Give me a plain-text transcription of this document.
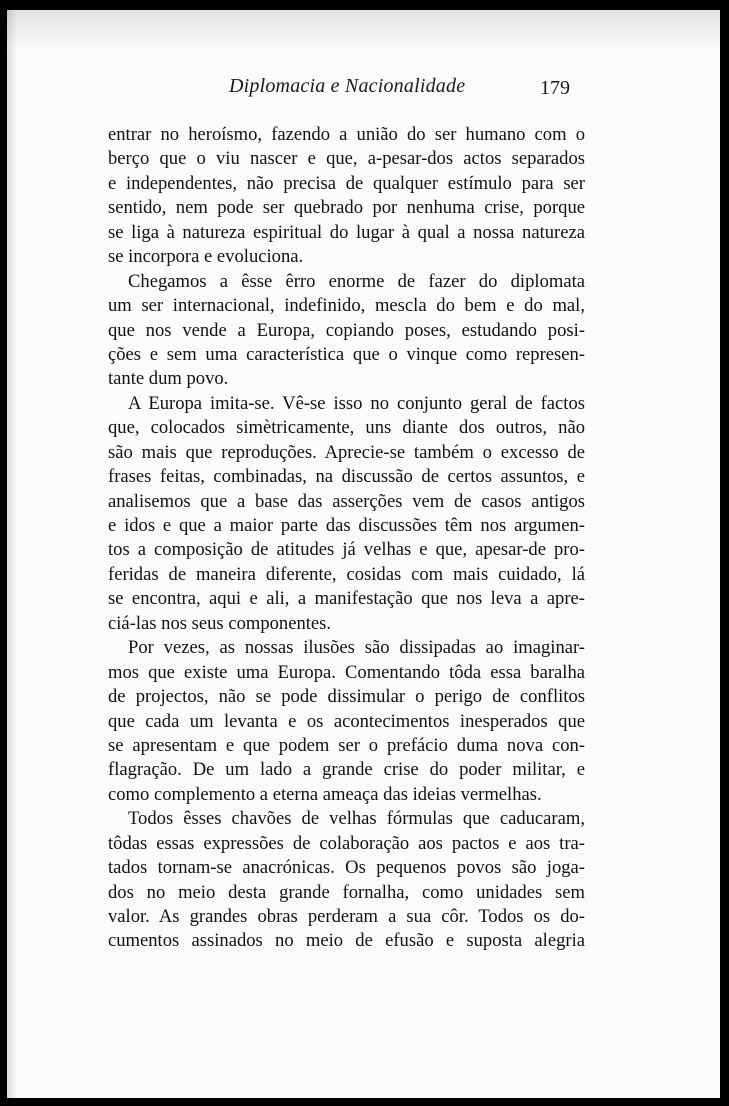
Diplomacia e Nacionalidade	179
entrar no heroísmo, fazendo a união do ser humano com o
berço que o viu nascer e que, a-pesar-dos actos separados
e independentes, não precisa de qualquer estímulo para ser
sentido, nem pode ser quebrado por nenhuma crise, porque
se liga à natureza espiritual do lugar à qual a nossa natureza
se incorpora e evoluciona.
Chegamos a êsse êrro enorme de fazer do diplomata
um ser internacional, indefinido, mescla do bem e do mal,
que nos vende a Europa, copiando poses, estudando posi-
ções e sem uma característica que o vinque como represen-
tante dum povo.
A Europa imita-se. Vê-se isso no conjunto geral de factos
que, colocados simètricamente, uns diante dos outros, não
são mais que reproduções. Aprecie-se também o excesso de
frases feitas, combinadas, na discussão de certos assuntos, e
analisemos que a base das asserções vem de casos antigos
e idos e que a maior parte das discussões têm nos argumen-
tos a composição de atitudes já velhas e que, apesar-de pro-
feridas de maneira diferente, cosidas com mais cuidado, lá
se encontra, aqui e ali, a manifestação que nos leva a apre-
ciá-las nos seus componentes.
Por vezes, as nossas ilusões são dissipadas ao imaginar-
mos que existe uma Europa. Comentando tôda essa baralha
de projectos, não se pode dissimular o perigo de conflitos
que cada um levanta e os acontecimentos inesperados que
se apresentam e que podem ser o prefácio duma nova con-
flagração. De um lado a grande crise do poder militar, e
como complemento a eterna ameaça das ideias vermelhas.
Todos êsses chavões de velhas fórmulas que caducaram,
tôdas essas expressões de colaboração aos pactos e aos tra-
tados tornam-se anacrónicas. Os pequenos povos são joga-
dos no meio desta grande fornalha, como unidades sem
valor. As grandes obras perderam a sua côr. Todos os do-
cumentos assinados no meio de efusão e suposta alegria
